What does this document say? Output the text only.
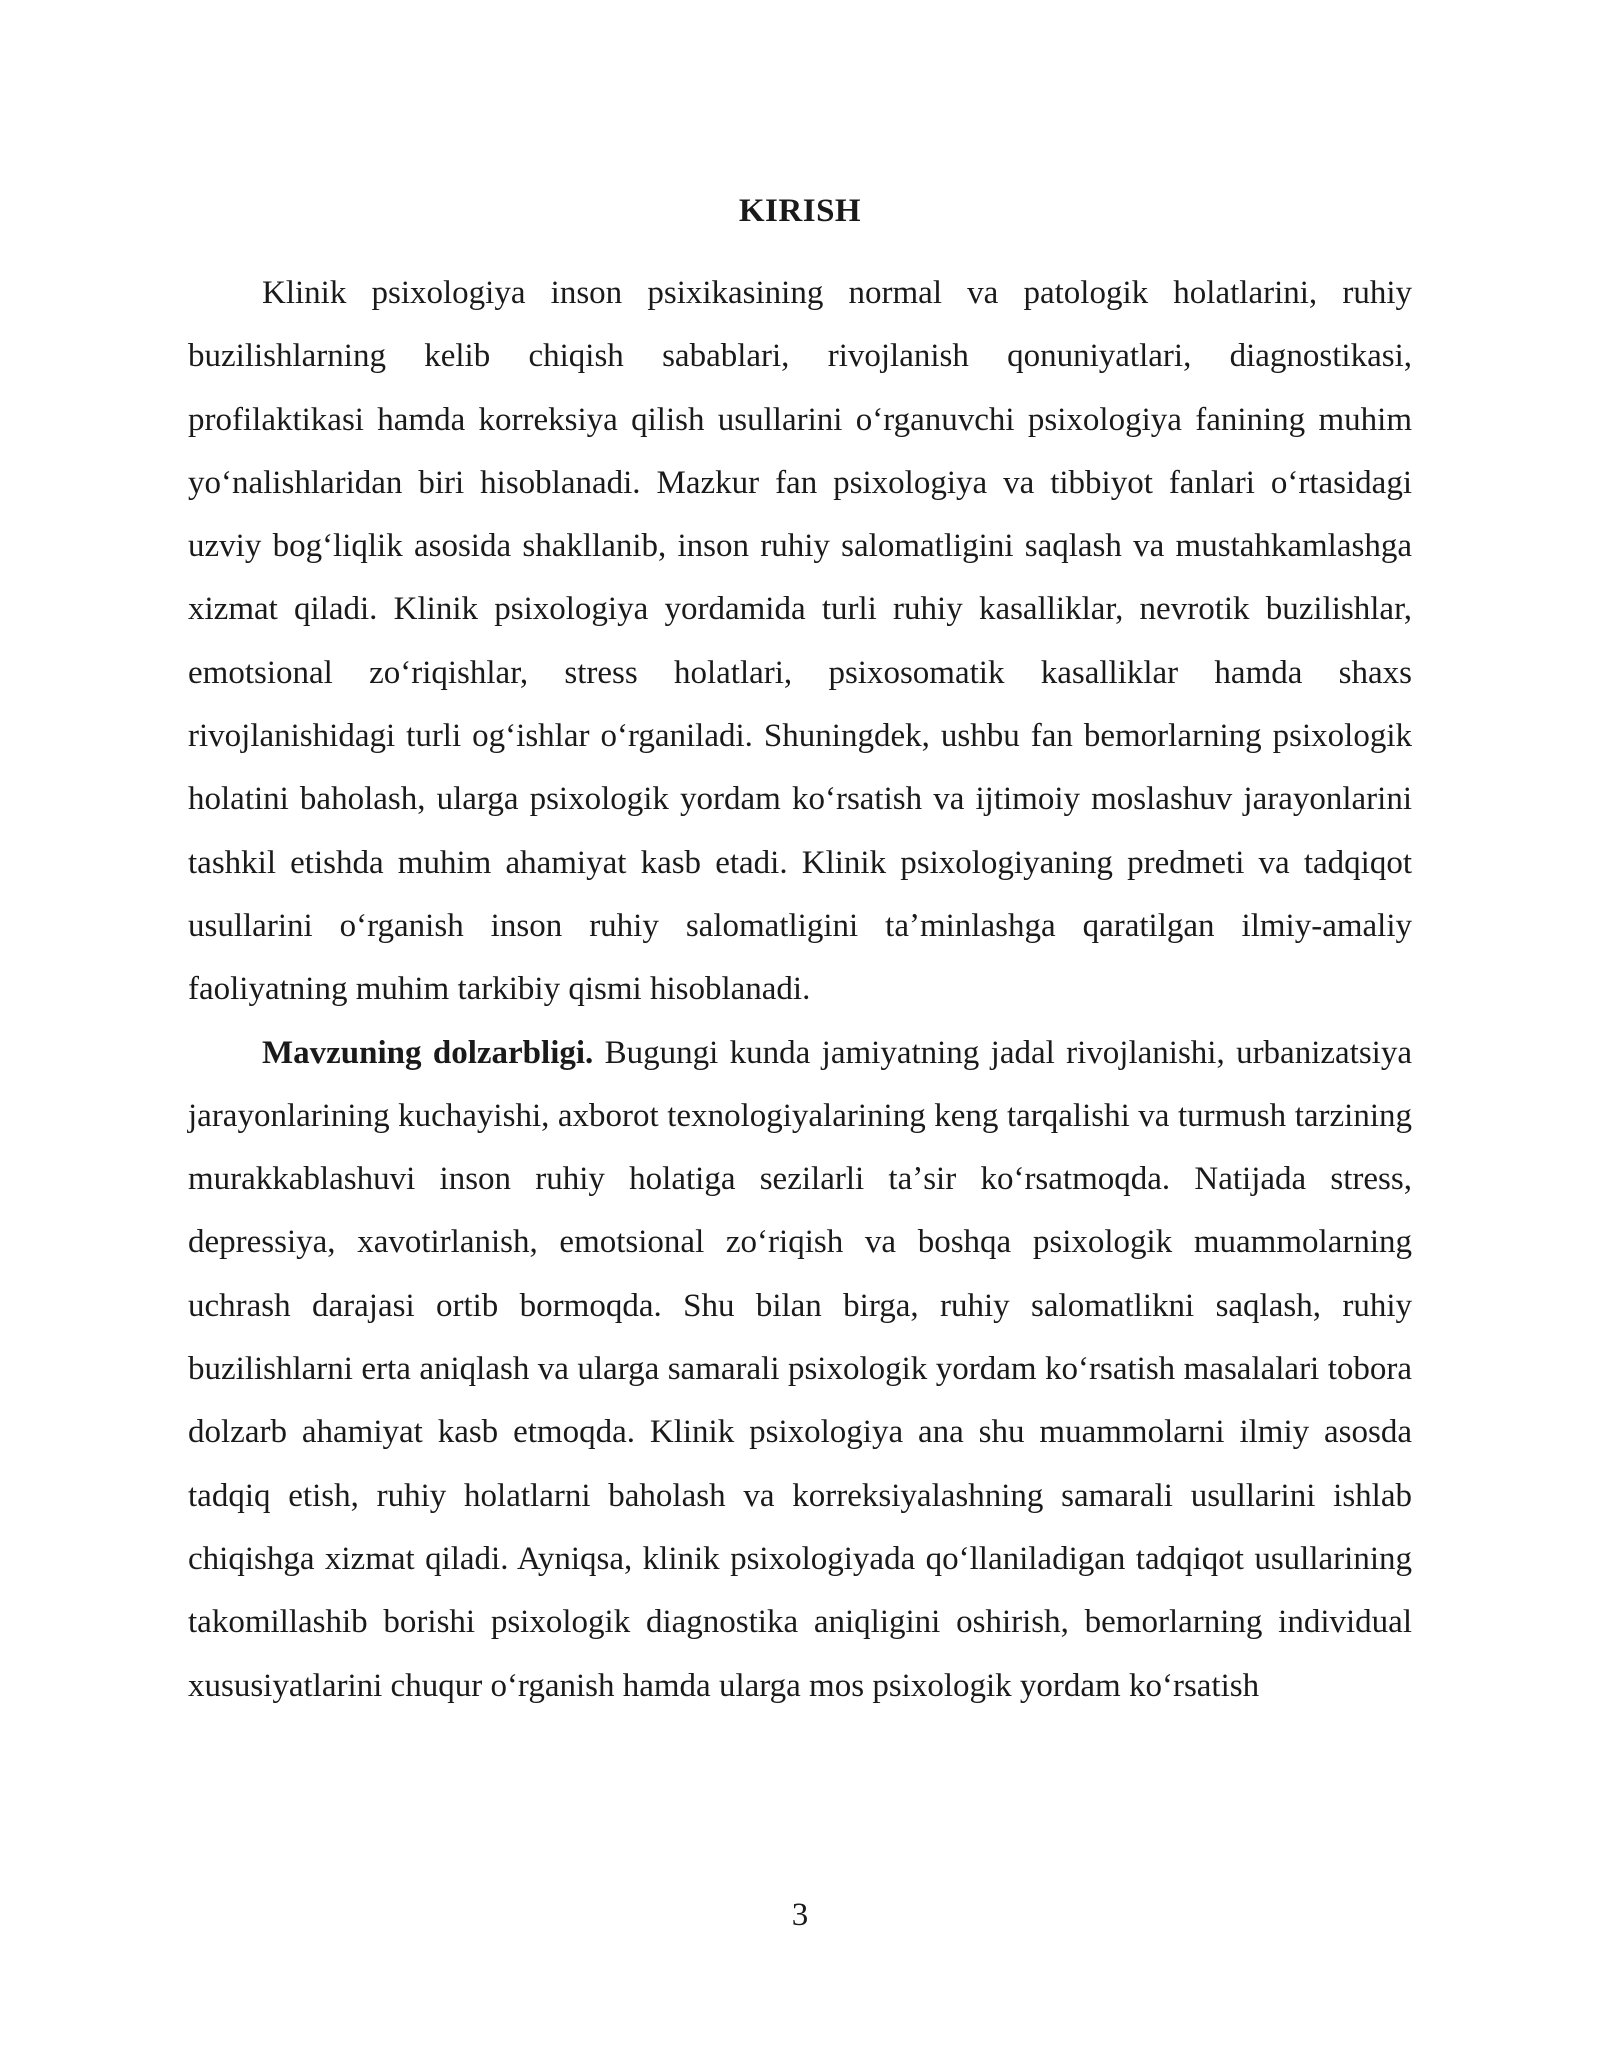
KIRISH

Klinik psixologiya inson psixikasining normal va patologik holatlarini, ruhiy buzilishlarning kelib chiqish sabablari, rivojlanish qonuniyatlari, diagnostikasi, profilaktikasi hamda korreksiya qilish usullarini oʻrganuvchi psixologiya fanining muhim yoʻnalishlaridan biri hisoblanadi. Mazkur fan psixologiya va tibbiyot fanlari oʻrtasidagi uzviy bogʻliqlik asosida shakllanib, inson ruhiy salomatligini saqlash va mustahkamlashga xizmat qiladi. Klinik psixologiya yordamida turli ruhiy kasalliklar, nevrotik buzilishlar, emotsional zoʻriqishlar, stress holatlari, psixosomatik kasalliklar hamda shaxs rivojlanishidagi turli ogʻishlar oʻrganiladi. Shuningdek, ushbu fan bemorlarning psixologik holatini baholash, ularga psixologik yordam koʻrsatish va ijtimoiy moslashuv jarayonlarini tashkil etishda muhim ahamiyat kasb etadi. Klinik psixologiyaning predmeti va tadqiqot usullarini oʻrganish inson ruhiy salomatligini taʼminlashga qaratilgan ilmiy-amaliy faoliyatning muhim tarkibiy qismi hisoblanadi.

Mavzuning dolzarbligi. Bugungi kunda jamiyatning jadal rivojlanishi, urbanizatsiya jarayonlarining kuchayishi, axborot texnologiyalarining keng tarqalishi va turmush tarzining murakkablashuvi inson ruhiy holatiga sezilarli taʼsir koʻrsatmoqda. Natijada stress, depressiya, xavotirlanish, emotsional zoʻriqish va boshqa psixologik muammolarning uchrash darajasi ortib bormoqda. Shu bilan birga, ruhiy salomatlikni saqlash, ruhiy buzilishlarni erta aniqlash va ularga samarali psixologik yordam koʻrsatish masalalari tobora dolzarb ahamiyat kasb etmoqda. Klinik psixologiya ana shu muammolarni ilmiy asosda tadqiq etish, ruhiy holatlarni baholash va korreksiyalashning samarali usullarini ishlab chiqishga xizmat qiladi. Ayniqsa, klinik psixologiyada qoʻllaniladigan tadqiqot usullarining takomillashib borishi psixologik diagnostika aniqligini oshirish, bemorlarning individual xususiyatlarini chuqur oʻrganish hamda ularga mos psixologik yordam koʻrsatish

3
